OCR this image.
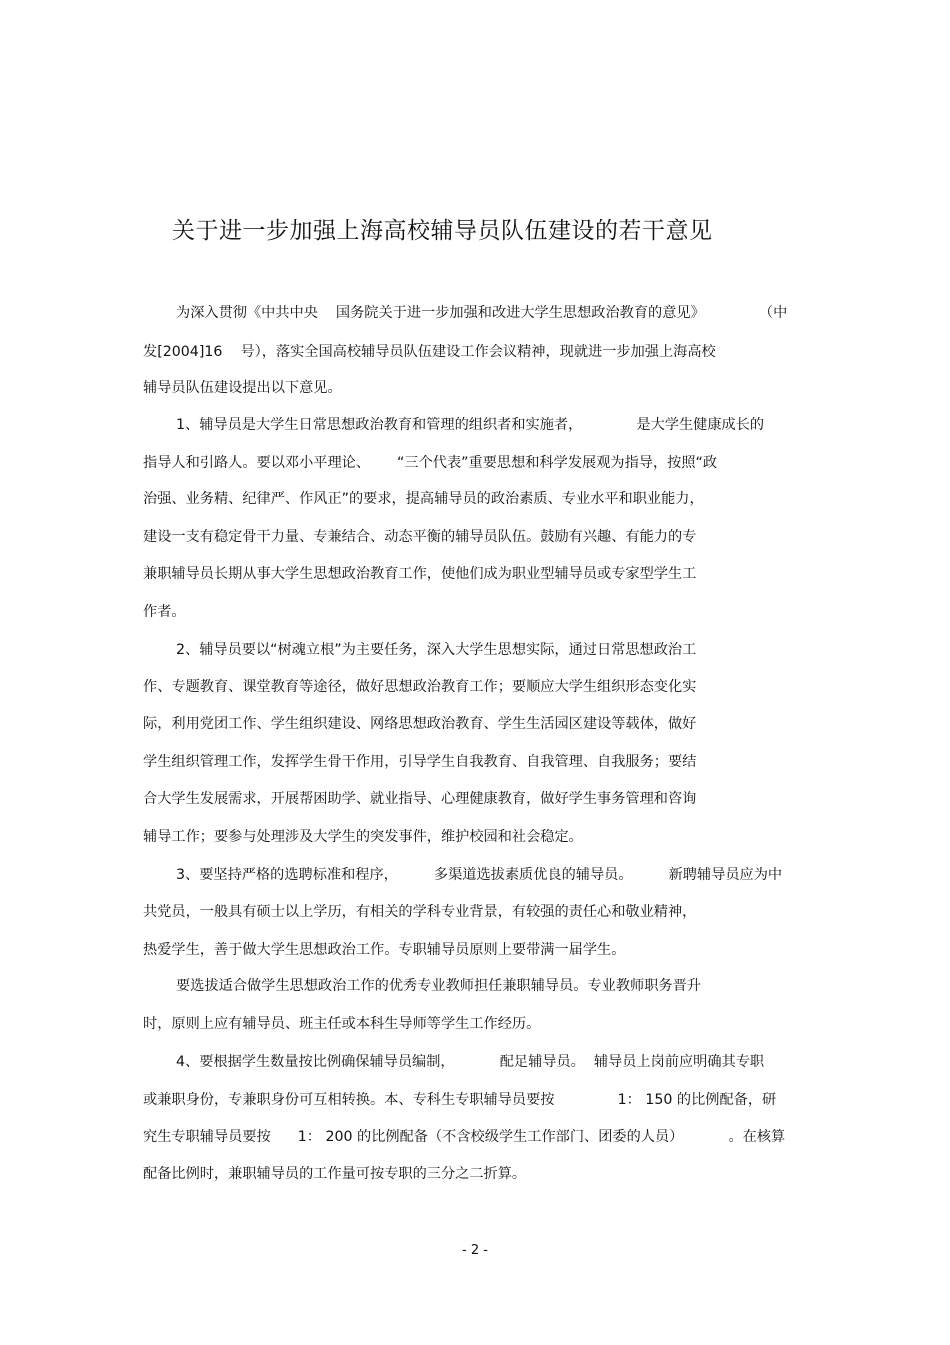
关于进一步加强上海高校辅导员队伍建设的若干意见
为深入贯彻《中共中央    国务院关于进一步加强和改进大学生思想政治教育的意见》            （中
发[2004]16    号），落实全国高校辅导员队伍建设工作会议精神，现就进一步加强上海高校
辅导员队伍建设提出以下意见。
1、辅导员是大学生日常思想政治教育和管理的组织者和实施者，            是大学生健康成长的
指导人和引路人。要以邓小平理论、      “三个代表”重要思想和科学发展观为指导，按照“政
治强、业务精、纪律严、作风正”的要求，提高辅导员的政治素质、专业水平和职业能力，
建设一支有稳定骨干力量、专兼结合、动态平衡的辅导员队伍。鼓励有兴趣、有能力的专
兼职辅导员长期从事大学生思想政治教育工作，使他们成为职业型辅导员或专家型学生工
作者。
2、辅导员要以“树魂立根”为主要任务，深入大学生思想实际，通过日常思想政治工
作、专题教育、课堂教育等途径，做好思想政治教育工作；要顺应大学生组织形态变化实
际，利用党团工作、学生组织建设、网络思想政治教育、学生生活园区建设等载体，做好
学生组织管理工作，发挥学生骨干作用，引导学生自我教育、自我管理、自我服务；要结
合大学生发展需求，开展帮困助学、就业指导、心理健康教育，做好学生事务管理和咨询
辅导工作；要参与处理涉及大学生的突发事件，维护校园和社会稳定。
3、要坚持严格的选聘标准和程序，        多渠道选拔素质优良的辅导员。        新聘辅导员应为中
共党员，一般具有硕士以上学历，有相关的学科专业背景，有较强的责任心和敬业精神，
热爱学生，善于做大学生思想政治工作。专职辅导员原则上要带满一届学生。
要选拔适合做学生思想政治工作的优秀专业教师担任兼职辅导员。专业教师职务晋升
时，原则上应有辅导员、班主任或本科生导师等学生工作经历。
4、要根据学生数量按比例确保辅导员编制，          配足辅导员。  辅导员上岗前应明确其专职
或兼职身份，专兼职身份可互相转换。本、专科生专职辅导员要按              1： 150 的比例配备，研
究生专职辅导员要按      1： 200 的比例配备（不含校级学生工作部门、团委的人员）          。在核算
配备比例时，兼职辅导员的工作量可按专职的三分之二折算。
- 2 -
